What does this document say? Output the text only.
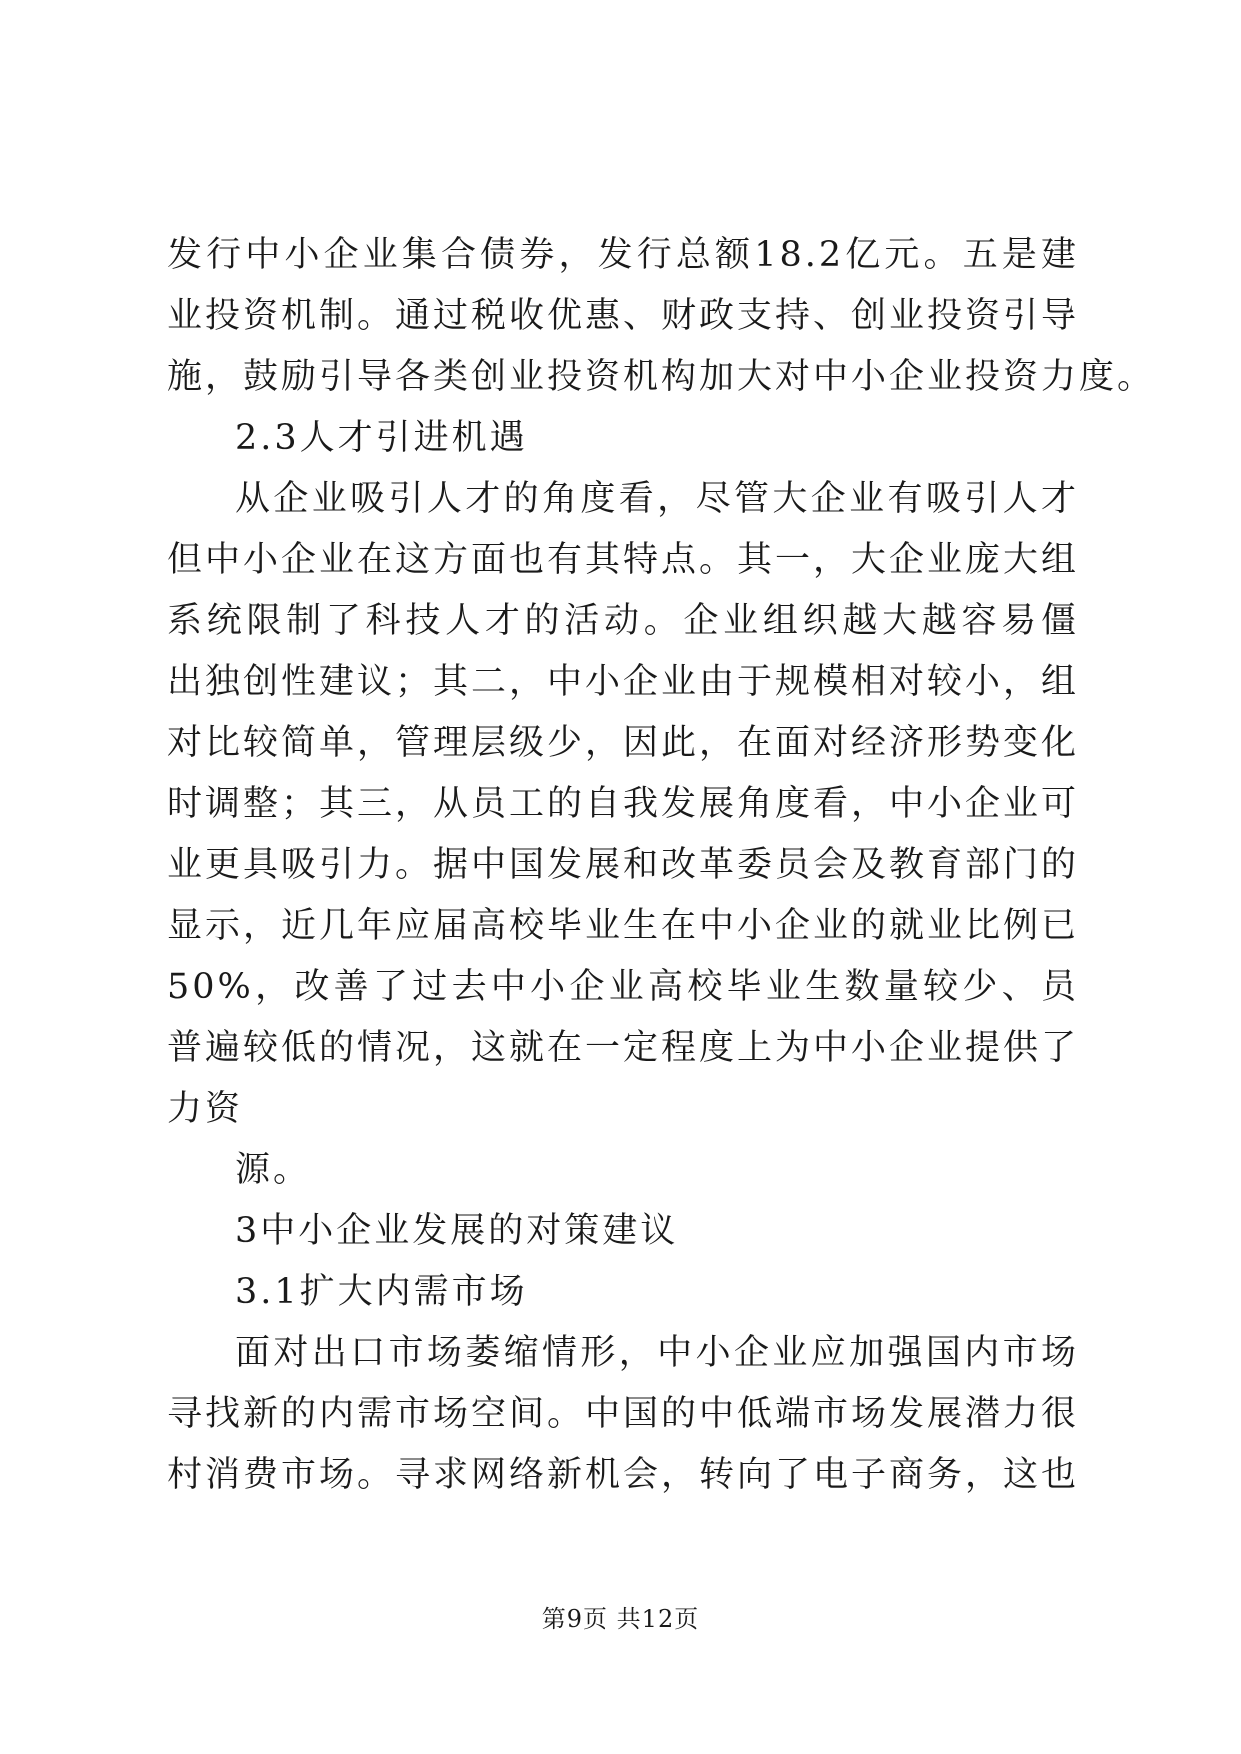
发行中小企业集合债券，发行总额18.2亿元。五是建
业投资机制。通过税收优惠、财政支持、创业投资引导
施，鼓励引导各类创业投资机构加大对中小企业投资力度。
2.3人才引进机遇
从企业吸引人才的角度看，尽管大企业有吸引人才
但中小企业在这方面也有其特点。其一，大企业庞大组
系统限制了科技人才的活动。企业组织越大越容易僵
出独创性建议；其二，中小企业由于规模相对较小，组
对比较简单，管理层级少，因此，在面对经济形势变化
时调整；其三，从员工的自我发展角度看，中小企业可
业更具吸引力。据中国发展和改革委员会及教育部门的
显示，近几年应届高校毕业生在中小企业的就业比例已
50%，改善了过去中小企业高校毕业生数量较少、员
普遍较低的情况，这就在一定程度上为中小企业提供了
力资
源。
3中小企业发展的对策建议
3.1扩大内需市场
面对出口市场萎缩情形，中小企业应加强国内市场
寻找新的内需市场空间。中国的中低端市场发展潜力很
村消费市场。寻求网络新机会，转向了电子商务，这也
第9页 共12页
